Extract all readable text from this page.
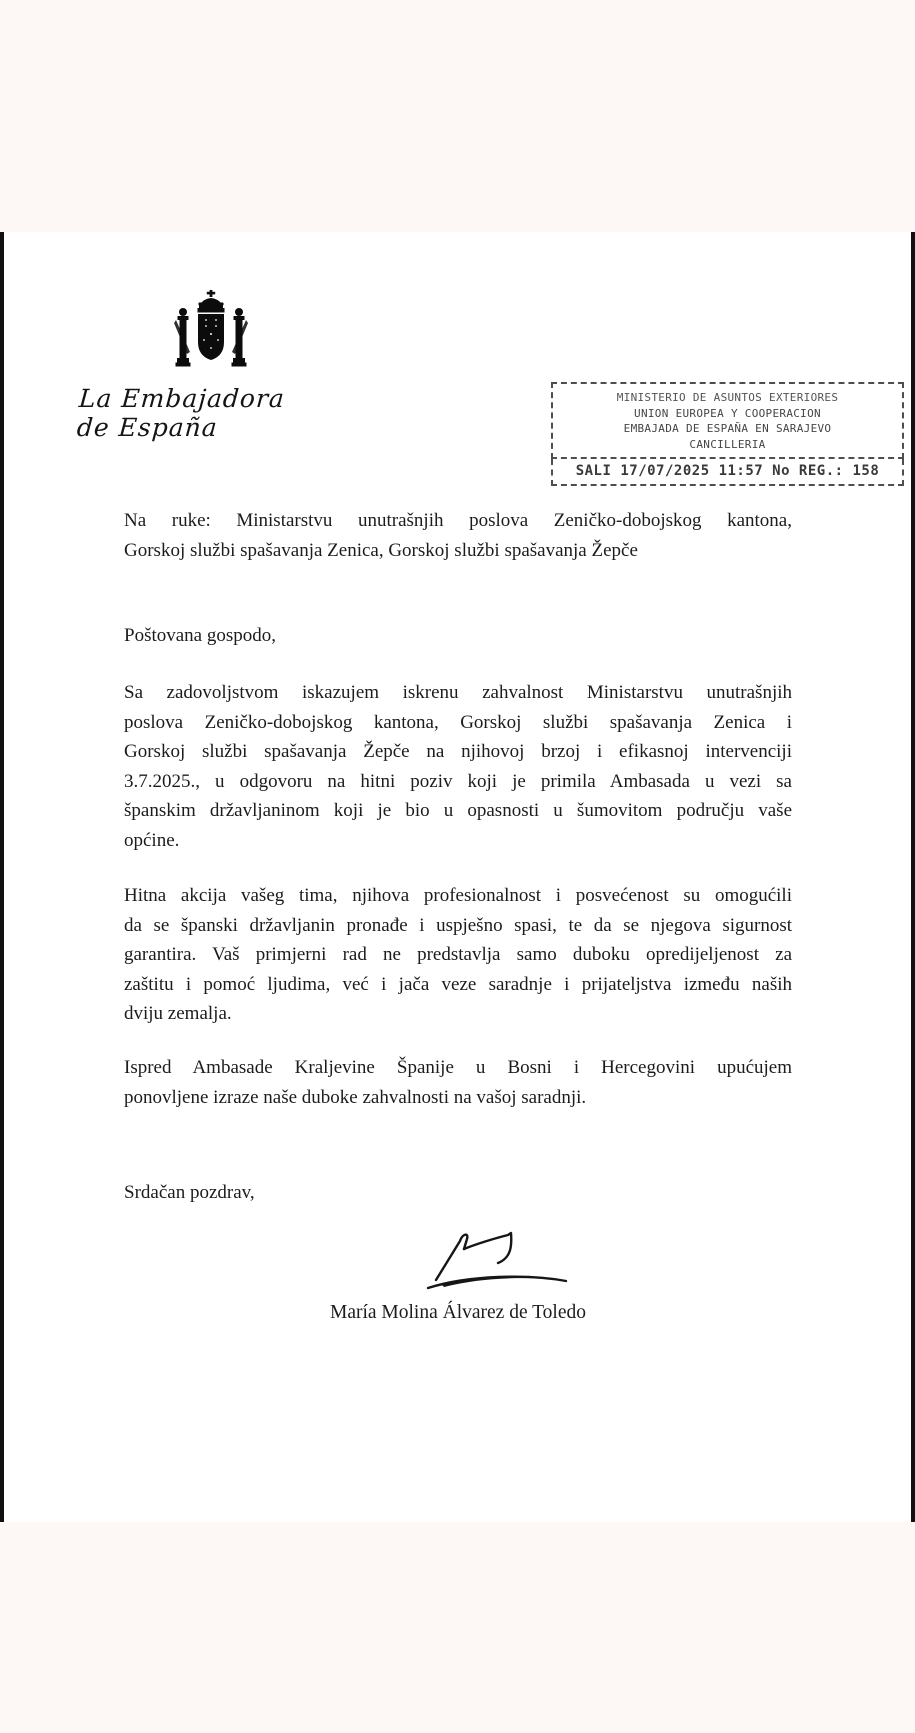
La Embajadora de España
MINISTERIO DE ASUNTOS EXTERIORES
UNION EUROPEA Y COOPERACION
EMBAJADA DE ESPAÑA EN SARAJEVO
CANCILLERIA
SALI 17/07/2025 11:57 No REG.: 158
Na ruke: Ministarstvu unutrašnjih poslova Zeničko-dobojskog kantona,
Gorskoj službi spašavanja Zenica, Gorskoj službi spašavanja Žepče
Poštovana gospodo,
Sa zadovoljstvom iskazujem iskrenu zahvalnost Ministarstvu unutrašnjih
poslova Zeničko-dobojskog kantona, Gorskoj službi spašavanja Zenica i
Gorskoj službi spašavanja Žepče na njihovoj brzoj i efikasnoj intervenciji
3.7.2025., u odgovoru na hitni poziv koji je primila Ambasada u vezi sa
španskim državljaninom koji je bio u opasnosti u šumovitom području vaše
općine.
Hitna akcija vašeg tima, njihova profesionalnost i posvećenost su omogućili
da se španski državljanin pronađe i uspješno spasi, te da se njegova sigurnost
garantira. Vaš primjerni rad ne predstavlja samo duboku opredijeljenost za
zaštitu i pomoć ljudima, već i jača veze saradnje i prijateljstva između naših
dviju zemalja.
Ispred Ambasade Kraljevine Španije u Bosni i Hercegovini upućujem
ponovljene izraze naše duboke zahvalnosti na vašoj saradnji.
Srdačan pozdrav,
María Molina Álvarez de Toledo
